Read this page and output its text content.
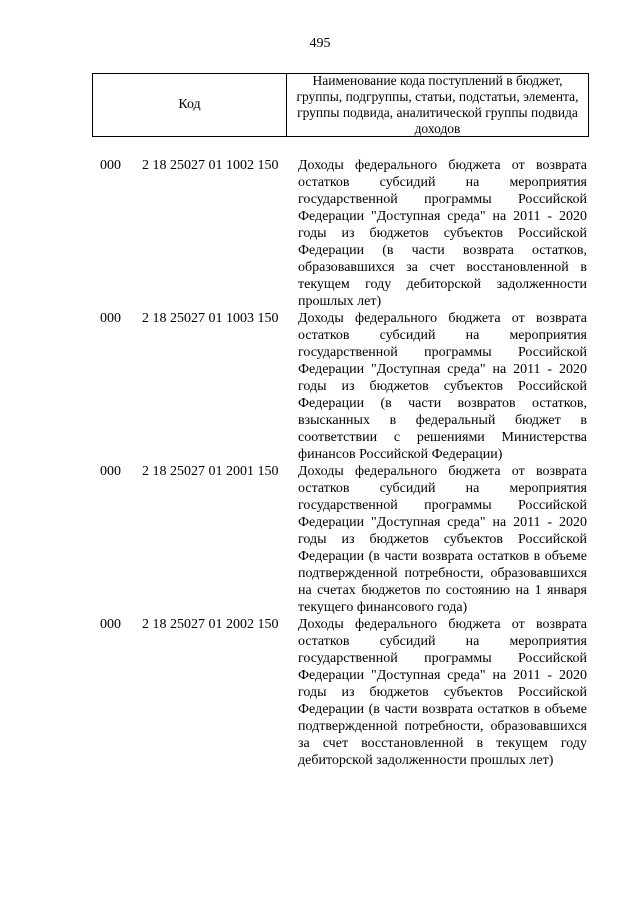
495
Код
Наименование кода поступлений в бюджет, группы, подгруппы, статьи, подстатьи, элемента, группы подвида, аналитической группы подвида доходов
000	2 18 25027 01 1002 150	Доходы федерального бюджета от возврата остатков субсидий на мероприятия государственной программы Российской Федерации "Доступная среда" на 2011 - 2020 годы из бюджетов субъектов Российской Федерации (в части возврата остатков, образовавшихся за счет восстановленной в текущем году дебиторской задолженности прошлых лет)
000	2 18 25027 01 1003 150	Доходы федерального бюджета от возврата остатков субсидий на мероприятия государственной программы Российской Федерации "Доступная среда" на 2011 - 2020 годы из бюджетов субъектов Российской Федерации (в части возвратов остатков, взысканных в федеральный бюджет в соответствии с решениями Министерства финансов Российской Федерации)
000	2 18 25027 01 2001 150	Доходы федерального бюджета от возврата остатков субсидий на мероприятия государственной программы Российской Федерации "Доступная среда" на 2011 - 2020 годы из бюджетов субъектов Российской Федерации (в части возврата остатков в объеме подтвержденной потребности, образовавшихся на счетах бюджетов по состоянию на 1 января текущего финансового года)
000	2 18 25027 01 2002 150	Доходы федерального бюджета от возврата остатков субсидий на мероприятия государственной программы Российской Федерации "Доступная среда" на 2011 - 2020 годы из бюджетов субъектов Российской Федерации (в части возврата остатков в объеме подтвержденной потребности, образовавшихся за счет восстановленной в текущем году дебиторской задолженности прошлых лет)
